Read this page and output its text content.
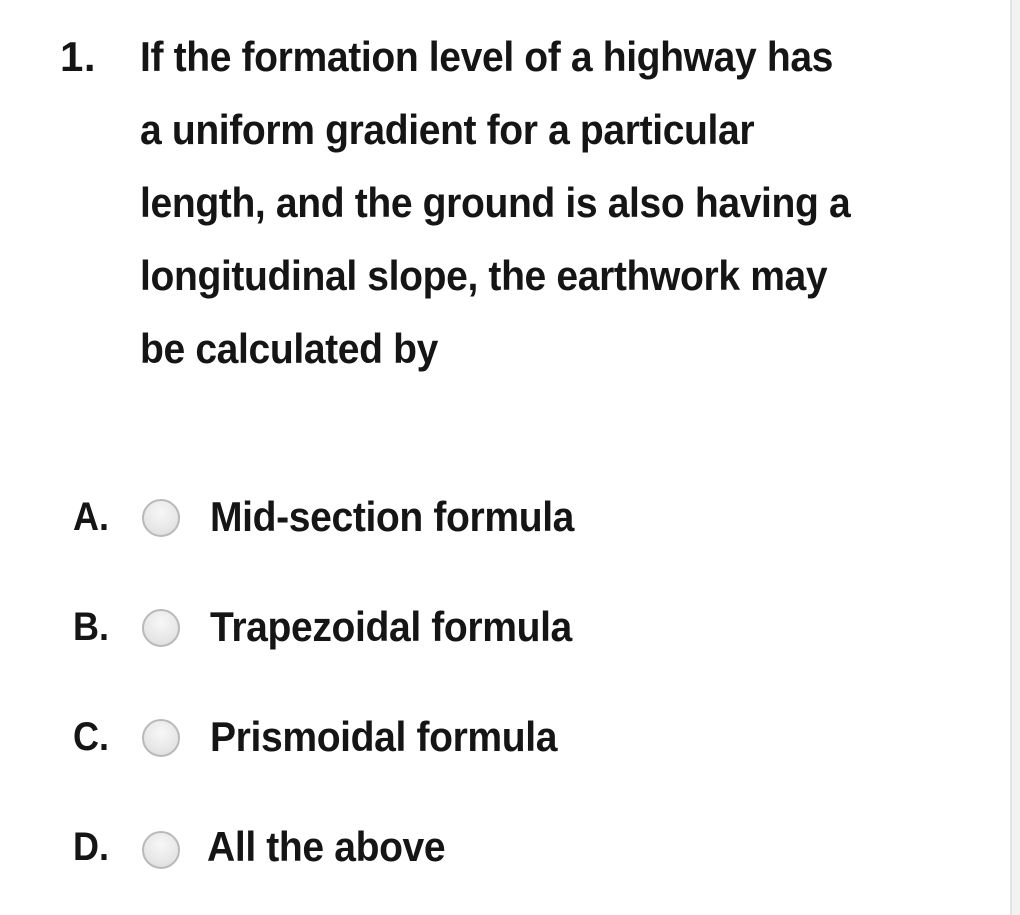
1. If the formation level of a highway has
a uniform gradient for a particular
length, and the ground is also having a
longitudinal slope, the earthwork may
be calculated by
A. Mid-section formula
B. Trapezoidal formula
C. Prismoidal formula
D. All the above
